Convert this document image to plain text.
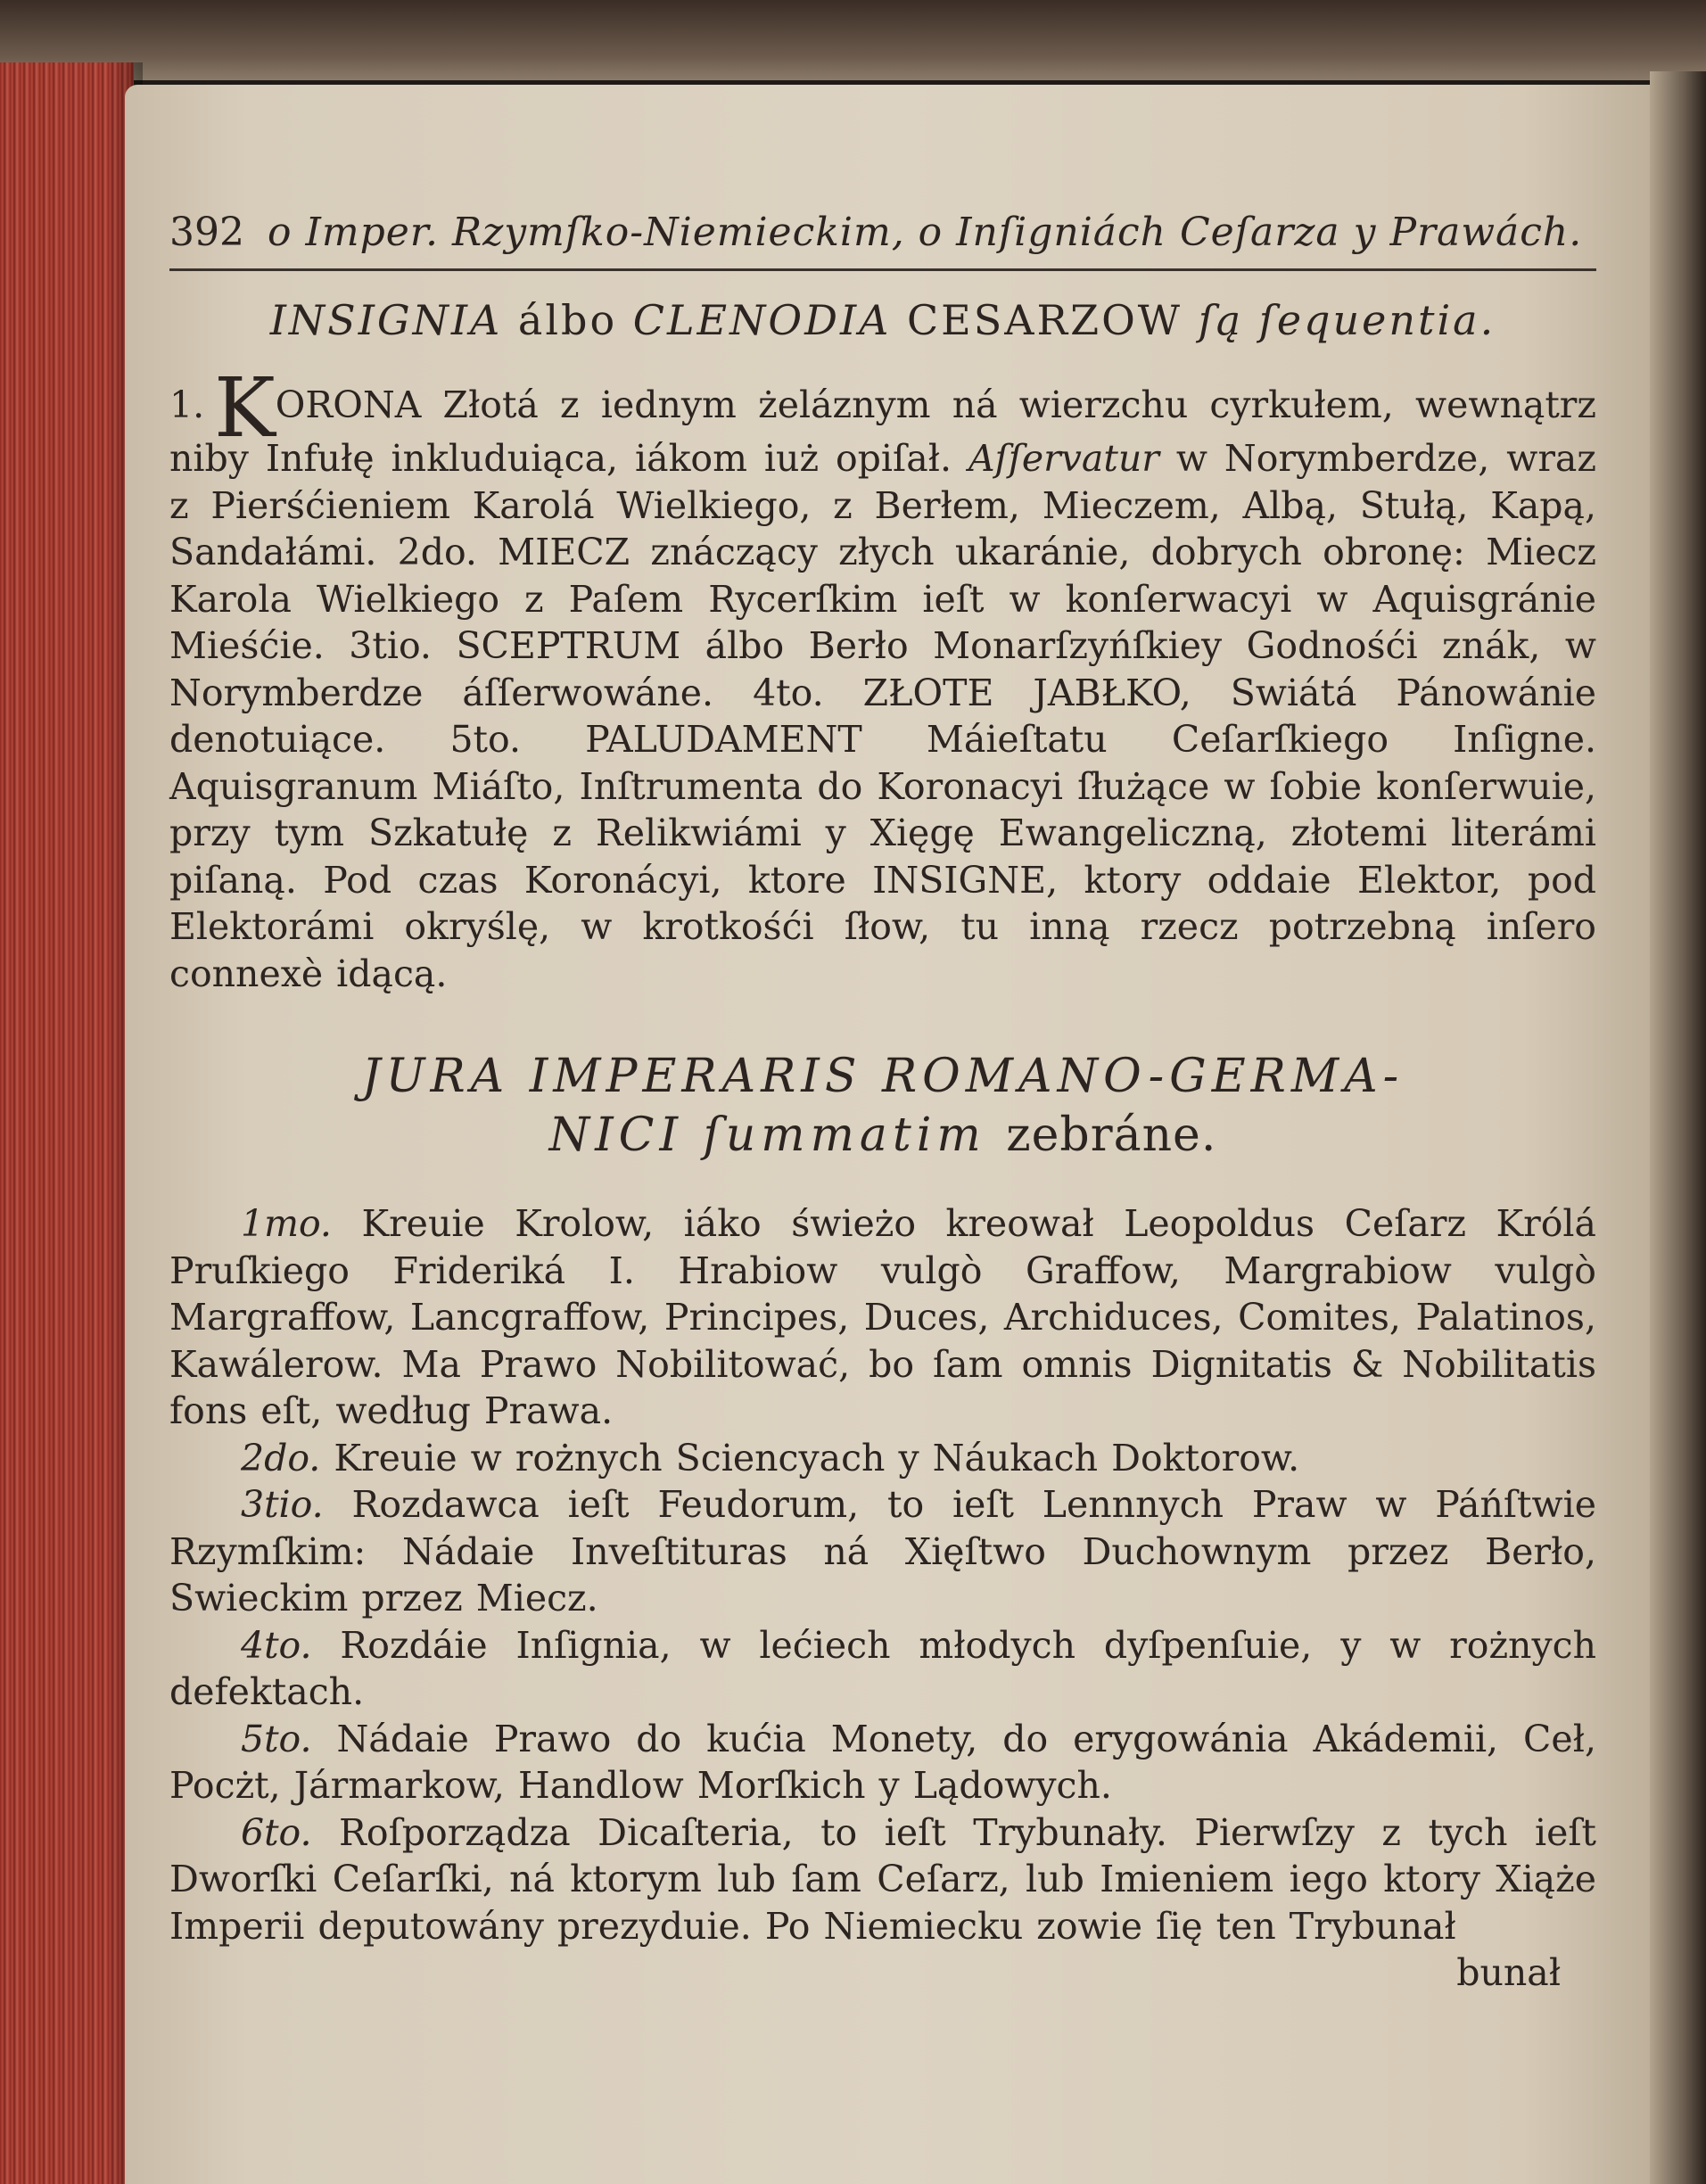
392 o Imper. Rzymſko-Niemieckim, o Inſigniách Ceſarza y Prawách.
INSIGNIA álbo CLENODIA CESARZOW ſą ſequentia.

1. KORONA Złotá z iednym żeláznym ná wierzchu cyrkułem, wewnątrz niby Infułę inkluduiąca, iákom iuż opiſał. Aſſervatur w Norymberdze, wraz z Pierśćieniem Karolá Wielkiego, z Berłem, Mieczem, Albą, Stułą, Kapą, Sandałámi. 2do. MIECZ znáczący złych ukaránie, dobrych obronę: Miecz Karola Wielkiego z Paſem Rycerſkim ieſt w konſerwacyi w Aquisgránie Mieśćie. 3tio. SCEPTRUM álbo Berło Monarſzyńſkiey Godnośći znák, w Norymberdze áſſerwowáne. 4to. ZŁOTE JABŁKO, Swiátá Pánowánie denotuiące. 5to. PALUDAMENT Máieſtatu Ceſarſkiego Inſigne. Aquisgranum Miáſto, Inſtrumenta do Koronacyi ſłużące w ſobie konſerwuie, przy tym Szkatułę z Relikwiámi y Xięgę Ewangeliczną, złotemi literámi piſaną. Pod czas Koronácyi, ktore INSIGNE, ktory oddaie Elektor, pod Elektorámi okryślę, w krotkośći ſłow, tu inną rzecz potrzebną inſero connexè idącą.

JURA IMPERARIS ROMANO-GERMA-
NICI ſummatim zebráne.

1mo. Kreuie Krolow, iáko świeżo kreował Leopoldus Ceſarz Królá Pruſkiego Frideriká I. Hrabiow vulgò Graffow, Margrabiow vulgò Margraffow, Lancgraffow, Principes, Duces, Archiduces, Comites, Palatinos, Kawálerow. Ma Prawo Nobilitować, bo ſam omnis Dignitatis & Nobilitatis fons eſt, według Prawa.

2do. Kreuie w rożnych Sciencyach y Náukach Doktorow.

3tio. Rozdawca ieſt Feudorum, to ieſt Lennnych Praw w Páńſtwie Rzymſkim: Nádaie Inveſtituras ná Xięſtwo Duchownym przez Berło, Swieckim przez Miecz.

4to. Rozdáie Inſignia, w lećiech młodych dyſpenſuie, y w rożnych defektach.

5to. Nádaie Prawo do kućia Monety, do erygowánia Akádemii, Ceł, Pocżt, Jármarkow, Handlow Morſkich y Lądowych.

6to. Roſporządza Dicaſteria, to ieſt Trybunały. Pierwſzy z tych ieſt Dworſki Ceſarſki, ná ktorym lub ſam Ceſarz, lub Imieniem iego ktory Xiąże Imperii deputowány prezyduie. Po Niemiecku zowie ſię ten Trybunał

bunał
